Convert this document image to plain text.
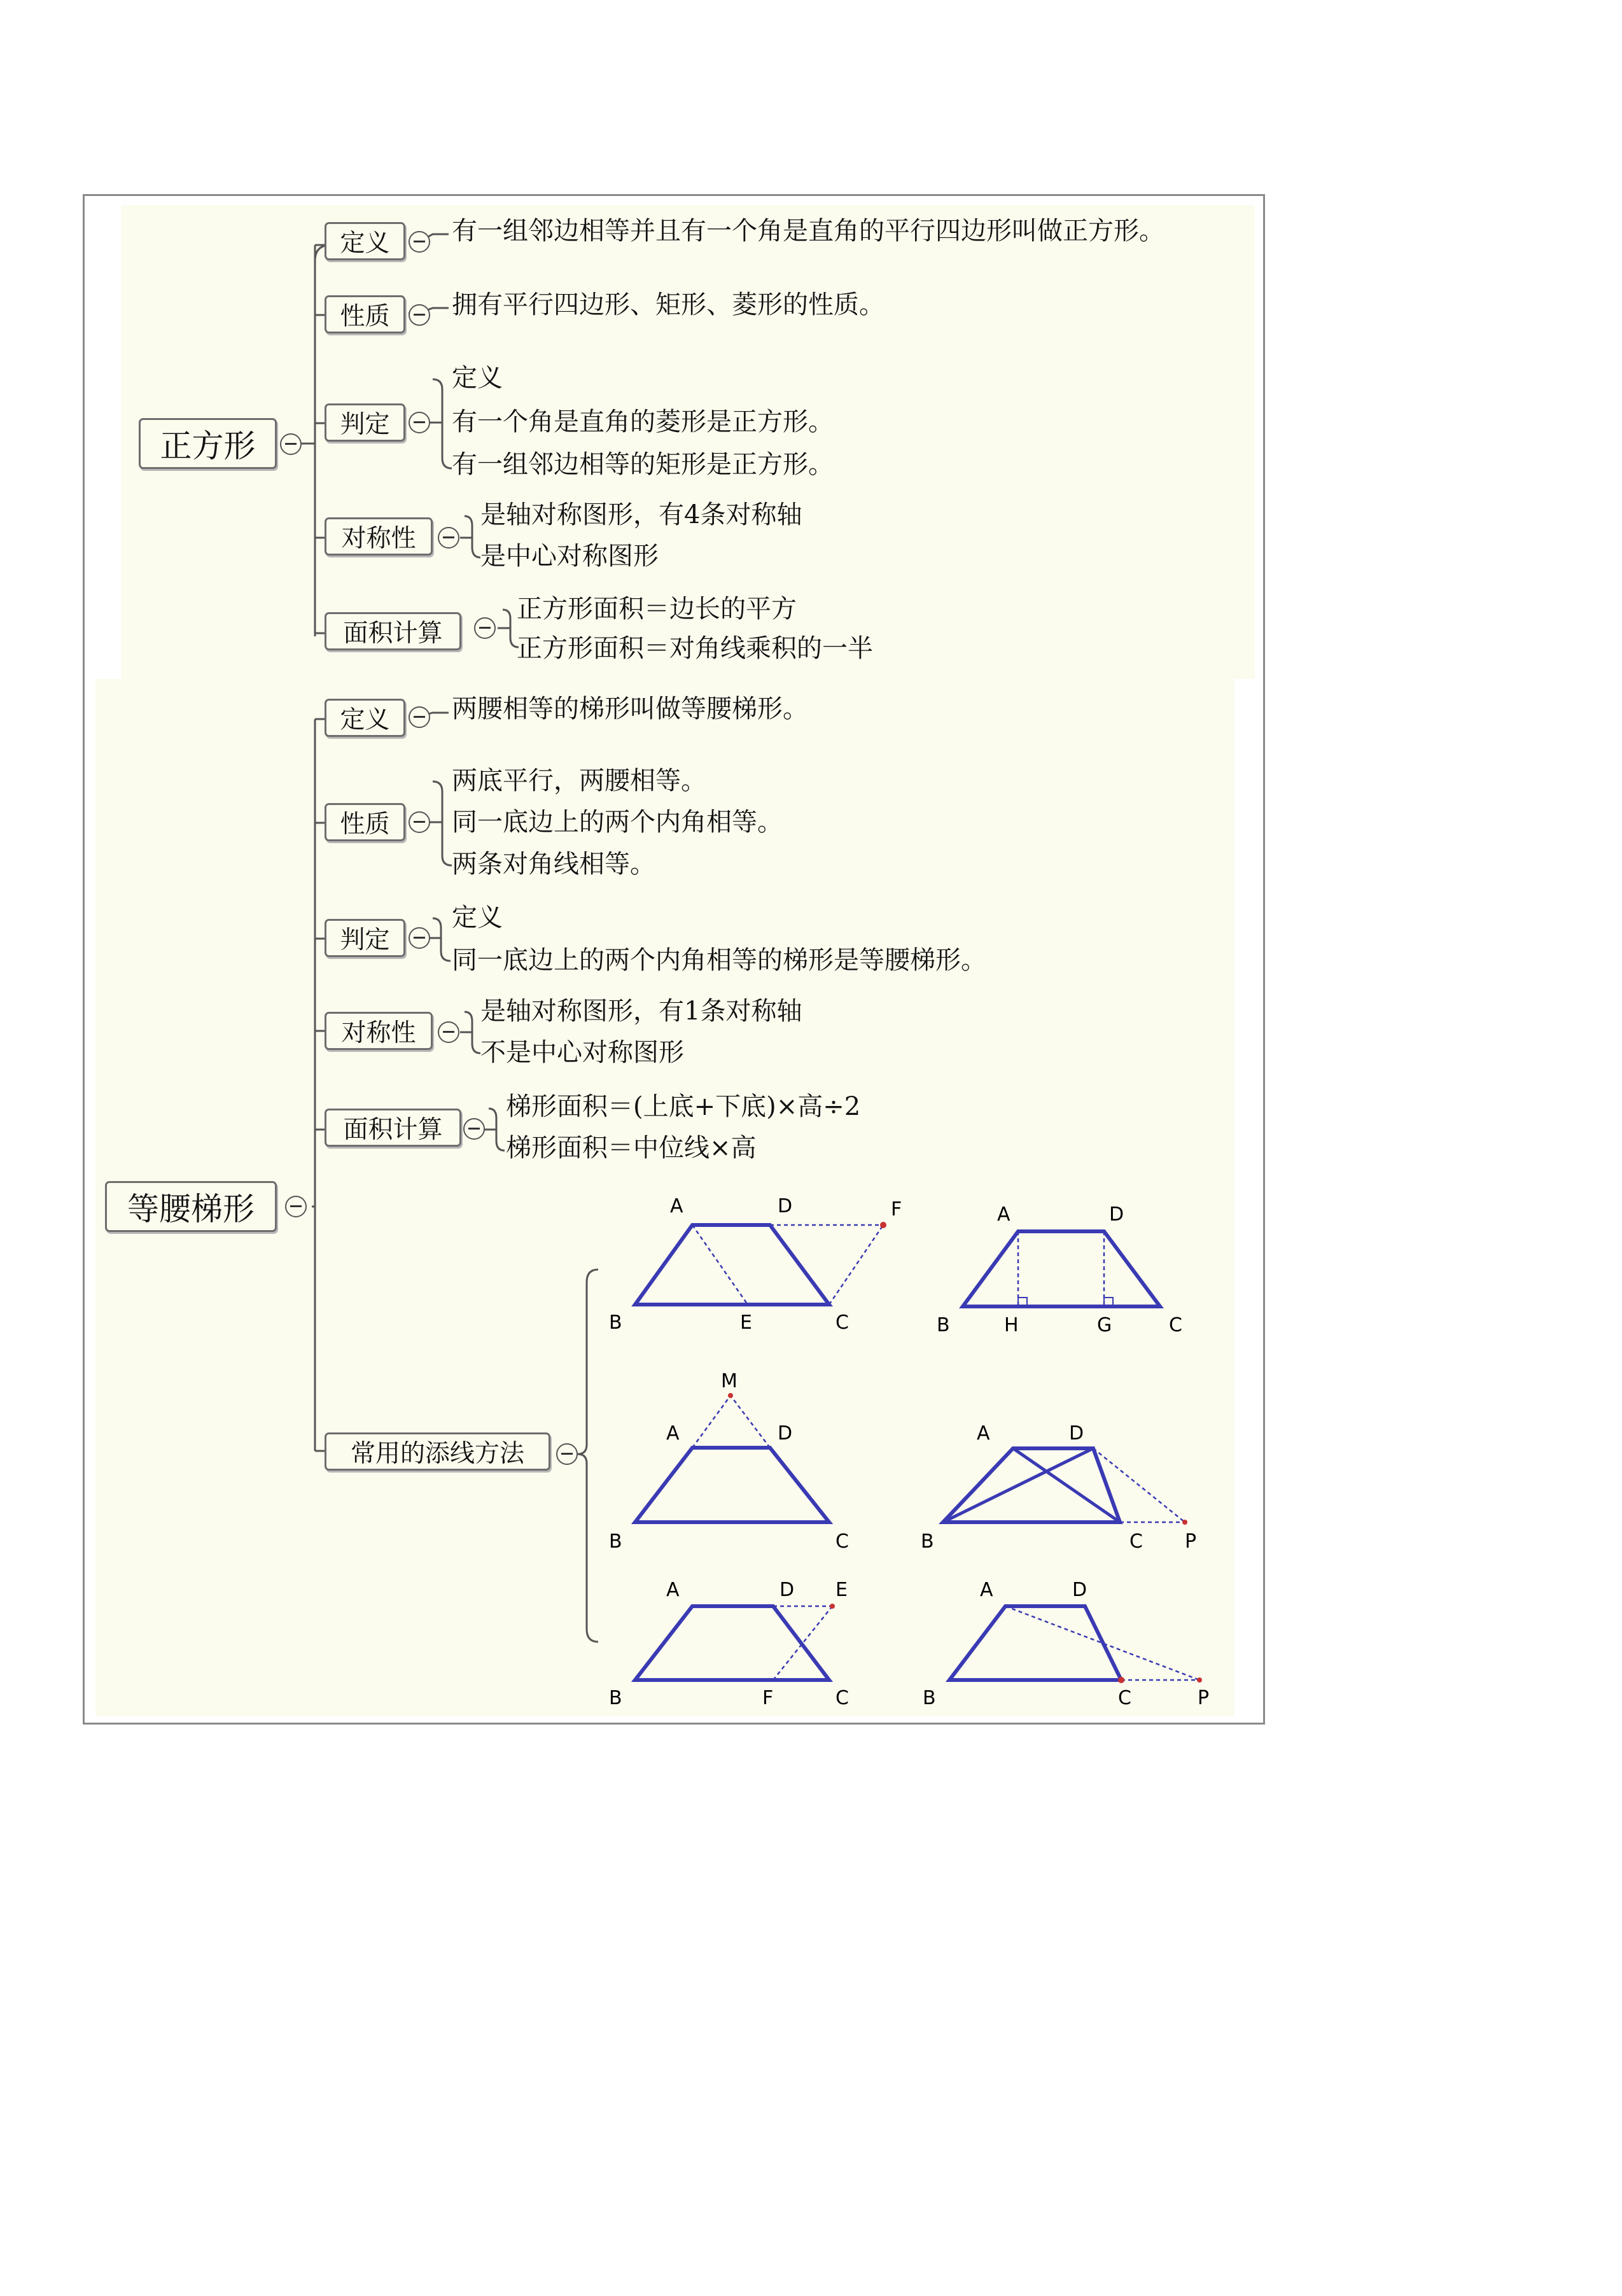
正方形
定义 有一组邻边相等并且有一个角是直角的平行四边形叫做正方形。
性质 拥有平行四边形、矩形、菱形的性质。
判定
定义
有一个角是直角的菱形是正方形。
有一组邻边相等的矩形是正方形。
对称性
是轴对称图形，有4条对称轴
是中心对称图形
面积计算
正方形面积＝边长的平方
正方形面积＝对角线乘积的一半
等腰梯形
定义 两腰相等的梯形叫做等腰梯形。
性质
两底平行，两腰相等。
同一底边上的两个内角相等。
两条对角线相等。
判定
定义
同一底边上的两个内角相等的梯形是等腰梯形。
对称性
是轴对称图形，有1条对称轴
不是中心对称图形
面积计算
梯形面积＝(上底+下底)×高÷2
梯形面积＝中位线×高
常用的添线方法
A	D	F
B	E	C
A	D
B	H	G	C
M
A	D
B	C
A	D
B	C P
A	D E
B	F	C
A	D
B	C	P
